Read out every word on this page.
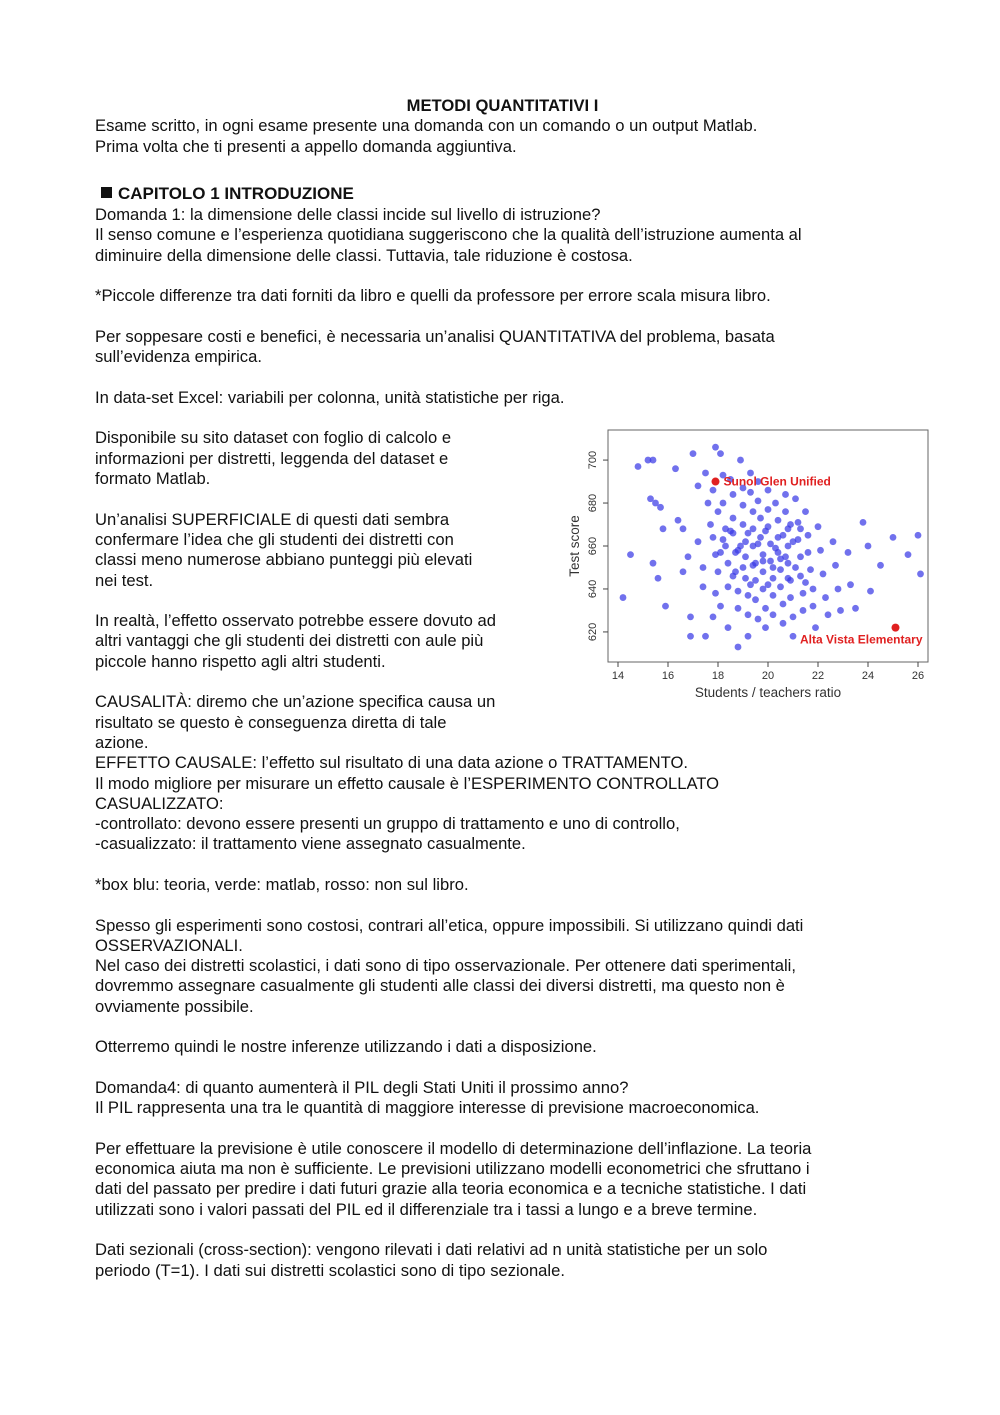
METODI QUANTITATIVI I

Esame scritto, in ogni esame presente una domanda con un comando o un output Matlab.

Prima volta che ti presenti a appello domanda aggiuntiva.

CAPITOLO 1 INTRODUZIONE

Domanda 1: la dimensione delle classi incide sul livello di istruzione?

Il senso comune e l’esperienza quotidiana suggeriscono che la qualità dell’istruzione aumenta al

diminuire della dimensione delle classi. Tuttavia, tale riduzione è costosa.

*Piccole differenze tra dati forniti da libro e quelli da professore per errore scala misura libro.

Per soppesare costi e benefici, è necessaria un’analisi QUANTITATIVA del problema, basata

sull’evidenza empirica.

In data-set Excel: variabili per colonna, unità statistiche per riga.

Disponibile su sito dataset con foglio di calcolo e

informazioni per distretti, leggenda del dataset e

formato Matlab.

Un’analisi SUPERFICIALE di questi dati sembra

confermare l’idea che gli studenti dei distretti con

classi meno numerose abbiano punteggi più elevati

nei test.

In realtà, l’effetto osservato potrebbe essere dovuto ad

altri vantaggi che gli studenti dei distretti con aule più

piccole hanno rispetto agli altri studenti.

CAUSALITÀ: diremo che un’azione specifica causa un

risultato se questo è conseguenza diretta di tale

azione.

14	16	18	20	22	24	26
620
640
660
680
700
Students / teachers ratio
Test score
Sunol Glen Unified
Alta Vista Elementary

EFFETTO CAUSALE: l’effetto sul risultato di una data azione o TRATTAMENTO.

Il modo migliore per misurare un effetto causale è l’ESPERIMENTO CONTROLLATO

CASUALIZZATO:

-controllato: devono essere presenti un gruppo di trattamento e uno di controllo,

-casualizzato: il trattamento viene assegnato casualmente.

*box blu: teoria, verde: matlab, rosso: non sul libro.

Spesso gli esperimenti sono costosi, contrari all’etica, oppure impossibili. Si utilizzano quindi dati

OSSERVAZIONALI.

Nel caso dei distretti scolastici, i dati sono di tipo osservazionale. Per ottenere dati sperimentali,

dovremmo assegnare casualmente gli studenti alle classi dei diversi distretti, ma questo non è

ovviamente possibile.

Otterremo quindi le nostre inferenze utilizzando i dati a disposizione.

Domanda4: di quanto aumenterà il PIL degli Stati Uniti il prossimo anno?

Il PIL rappresenta una tra le quantità di maggiore interesse di previsione macroeconomica.

Per effettuare la previsione è utile conoscere il modello di determinazione dell’inflazione. La teoria

economica aiuta ma non è sufficiente. Le previsioni utilizzano modelli econometrici che sfruttano i

dati del passato per predire i dati futuri grazie alla teoria economica e a tecniche statistiche. I dati

utilizzati sono i valori passati del PIL ed il differenziale tra i tassi a lungo e a breve termine.

Dati sezionali (cross-section): vengono rilevati i dati relativi ad n unità statistiche per un solo

periodo (T=1). I dati sui distretti scolastici sono di tipo sezionale.
